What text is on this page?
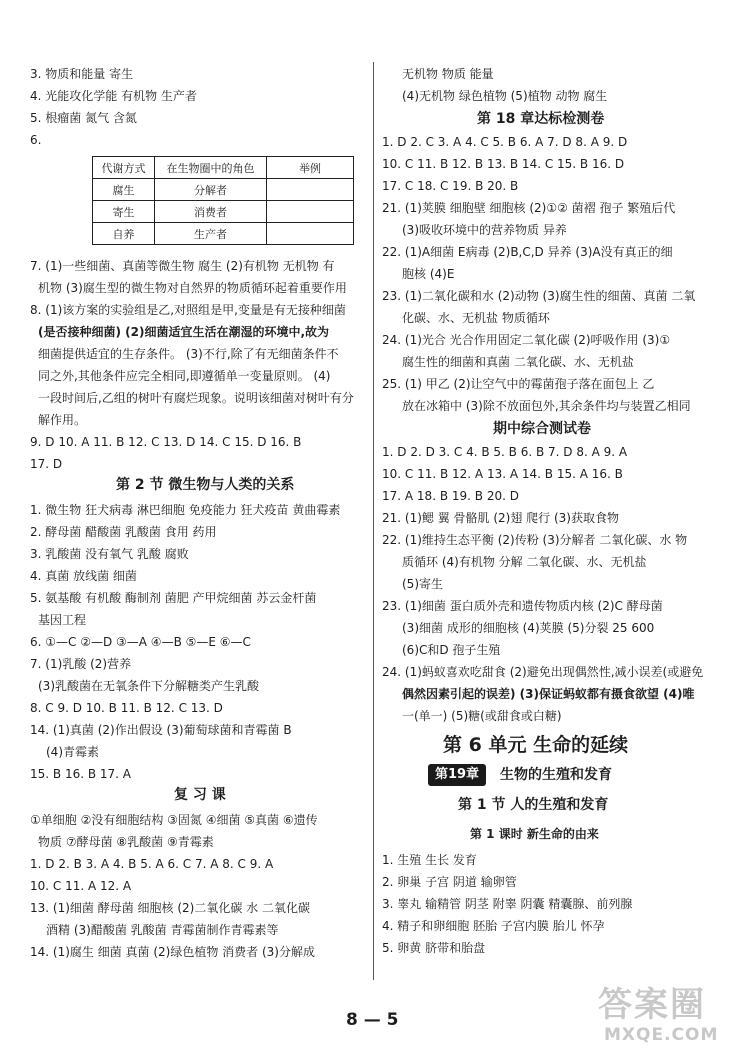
3. 物质和能量 寄生
4. 光能攻化学能 有机物 生产者
5. 根瘤菌 氮气 含氮
6.
代谢方式	在生物圈中的角色	举例
腐生	分解者	
寄生	消费者	
自养	生产者	
7. (1)一些细菌、真菌等微生物 腐生 (2)有机物 无机物 有
机物 (3)腐生型的微生物对自然界的物质循环起着重要作用
8. (1)该方案的实验组是乙,对照组是甲,变量是有无接种细菌
(是否接种细菌) (2)细菌适宜生活在潮湿的环境中,故为
细菌提供适宜的生存条件。 (3)不行,除了有无细菌条件不
同之外,其他条件应完全相同,即遵循单一变量原则。 (4)
一段时间后,乙组的树叶有腐烂现象。说明该细菌对树叶有分
解作用。
9. D 10. A 11. B 12. C 13. D 14. C 15. D 16. B
17. D
第 2 节 微生物与人类的关系
1. 微生物 狂犬病毒 淋巴细胞 免疫能力 狂犬疫苗 黄曲霉素
2. 酵母菌 醋酸菌 乳酸菌 食用 药用
3. 乳酸菌 没有氧气 乳酸 腐败
4. 真菌 放线菌 细菌
5. 氨基酸 有机酸 酶制剂 菌肥 产甲烷细菌 苏云金杆菌
基因工程
6. ①—C ②—D ③—A ④—B ⑤—E ⑥—C
7. (1)乳酸 (2)营养
(3)乳酸菌在无氧条件下分解糖类产生乳酸
8. C 9. D 10. B 11. B 12. C 13. D
14. (1)真菌 (2)作出假设 (3)葡萄球菌和青霉菌 B
(4)青霉素
15. B 16. B 17. A
复 习 课
①单细胞 ②没有细胞结构 ③固氮 ④细菌 ⑤真菌 ⑥遗传
物质 ⑦酵母菌 ⑧乳酸菌 ⑨青霉素
1. D 2. B 3. A 4. B 5. A 6. C 7. A 8. C 9. A
10. C 11. A 12. A
13. (1)细菌 酵母菌 细胞核 (2)二氧化碳 水 二氧化碳
酒精 (3)醋酸菌 乳酸菌 青霉菌制作青霉素等
14. (1)腐生 细菌 真菌 (2)绿色植物 消费者 (3)分解成
无机物 物质 能量
(4)无机物 绿色植物 (5)植物 动物 腐生
第 18 章达标检测卷
1. D 2. C 3. A 4. C 5. B 6. A 7. D 8. A 9. D
10. C 11. B 12. B 13. B 14. C 15. B 16. D
17. C 18. C 19. B 20. B
21. (1)荚膜 细胞壁 细胞核 (2)①② 菌褶 孢子 繁殖后代
(3)吸收环境中的营养物质 异养
22. (1)A细菌 E病毒 (2)B,C,D 异养 (3)A没有真正的细
胞核 (4)E
23. (1)二氧化碳和水 (2)动物 (3)腐生性的细菌、真菌 二氧
化碳、水、无机盐 物质循环
24. (1)光合 光合作用固定二氧化碳 (2)呼吸作用 (3)①
腐生性的细菌和真菌 二氧化碳、水、无机盐
25. (1) 甲乙 (2)让空气中的霉菌孢子落在面包上 乙
放在冰箱中 (3)除不放面包外,其余条件均与装置乙相同
期中综合测试卷
1. D 2. D 3. C 4. B 5. B 6. B 7. D 8. A 9. A
10. C 11. B 12. A 13. A 14. B 15. A 16. B
17. A 18. B 19. B 20. D
21. (1)鳃 翼 骨骼肌 (2)翅 爬行 (3)获取食物
22. (1)维持生态平衡 (2)传粉 (3)分解者 二氧化碳、水 物
质循环 (4)有机物 分解 二氧化碳、水、无机盐
(5)寄生
23. (1)细菌 蛋白质外壳和遗传物质内核 (2)C 酵母菌
(3)细菌 成形的细胞核 (4)荚膜 (5)分裂 25 600
(6)C和D 孢子生殖
24. (1)蚂蚁喜欢吃甜食 (2)避免出现偶然性,减小误差(或避免
偶然因素引起的误差) (3)保证蚂蚁都有摄食欲望 (4)唯
一(单一) (5)糖(或甜食或白糖)
第 6 单元 生命的延续
第19章	生物的生殖和发育
第 1 节 人的生殖和发育
第 1 课时 新生命的由来
1. 生殖 生长 发育
2. 卵巢 子宫 阴道 输卵管
3. 睾丸 输精管 阴茎 附睾 阴囊 精囊腺、前列腺
4. 精子和卵细胞 胚胎 子宫内膜 胎儿 怀孕
5. 卵黄 脐带和胎盘
8 — 5	答案圈
MXQE.COM
